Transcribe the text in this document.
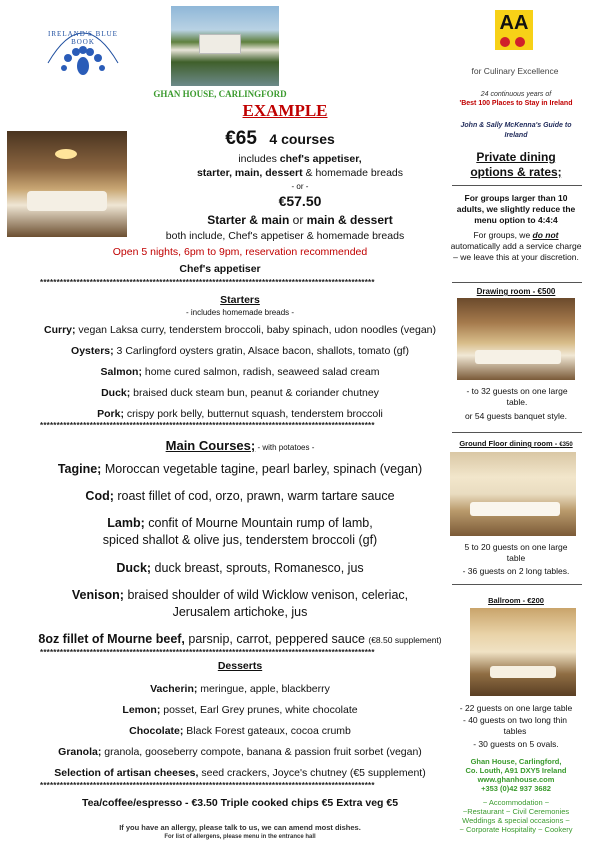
IRELAND'S BLUE BOOK
AA
for Culinary Excellence
GHAN HOUSE, CARLINGFORD
EXAMPLE
€65 4 courses
includes chef's appetiser,
starter, main, dessert & homemade breads
- or -
€57.50
Starter & main or main & dessert
both include, Chef's appetiser & homemade breads
Open 5 nights, 6pm to 9pm, reservation recommended
Chef's appetiser
*****************************************************************************************************
Starters
- includes homemade breads -
Curry; vegan Laksa curry, tenderstem broccoli, baby spinach, udon noodles (vegan)
Oysters; 3 Carlingford oysters gratin, Alsace bacon, shallots, tomato (gf)
Salmon; home cured salmon, radish, seaweed salad cream
Duck; braised duck steam bun, peanut & coriander chutney
Pork; crispy pork belly, butternut squash, tenderstem broccoli
*****************************************************************************************************
Main Courses; - with potatoes -
Tagine; Moroccan vegetable tagine, pearl barley, spinach (vegan)
Cod; roast fillet of cod, orzo, prawn, warm tartare sauce
Lamb; confit of Mourne Mountain rump of lamb,
spiced shallot & olive jus, tenderstem broccoli (gf)
Duck; duck breast, sprouts, Romanesco, jus
Venison; braised shoulder of wild Wicklow venison, celeriac,
Jerusalem artichoke, jus
8oz fillet of Mourne beef, parsnip, carrot, peppered sauce (€8.50 supplement)
*****************************************************************************************************
Desserts
Vacherin; meringue, apple, blackberry
Lemon; posset, Earl Grey prunes, white chocolate
Chocolate; Black Forest gateaux, cocoa crumb
Granola; granola, gooseberry compote, banana & passion fruit sorbet (vegan)
Selection of artisan cheeses, seed crackers, Joyce's chutney (€5 supplement)
*****************************************************************************************************
Tea/coffee/espresso - €3.50 Triple cooked chips €5 Extra veg €5
If you have an allergy, please talk to us, we can amend most dishes.
For list of allergens, please menu in the entrance hall
24 continuous years of
'Best 100 Places to Stay in Ireland
John & Sally McKenna's Guide to Ireland
Private dining options & rates;
For groups larger than 10 adults, we slightly reduce the menu option to 4:4:4
For groups, we do not automatically add a service charge – we leave this at your discretion.
Drawing room - €500
- to 32 guests on one large table.
or 54 guests banquet style.
Ground Floor dining room - €350
5 to 20 guests on one large table
- 36 guests on 2 long tables.
Ballroom - €200
- 22 guests on one large table
- 40 guests on two long thin tables
- 30 guests on 5 ovals.
Ghan House, Carlingford,
Co. Louth, A91 DXY5 Ireland
www.ghanhouse.com
+353 (0)42 937 3682
~ Accommodation ~
~Restaurant ~ Civil Ceremonies
Weddings & special occasions ~
~ Corporate Hospitality ~ Cookery
